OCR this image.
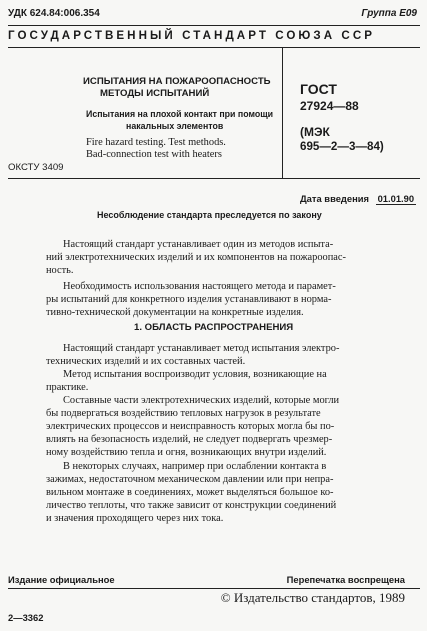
УДК 624.84:006.354	Группа Е09
ГОСУДАРСТВЕННЫЙ СТАНДАРТ СОЮЗА ССР
ИСПЫТАНИЯ НА ПОЖАРООПАСНОСТЬ
МЕТОДЫ ИСПЫТАНИЙ
Испытания на плохой контакт при помощи
накальных элементов
Fire hazard testing. Test methods.
Bad-connection test with heaters
ОКСТУ 3409
ГОСТ
27924—88
(МЭК
695—2—3—84)
Дата введения 01.01.90
Несоблюдение стандарта преследуется по закону
Настоящий стандарт устанавливает один из методов испыта-
ний электротехнических изделий и их компонентов на пожароопас-
ность.
Необходимость использования настоящего метода и парамет-
ры испытаний для конкретного изделия устанавливают в норма-
тивно-технической документации на конкретные изделия.
1. ОБЛАСТЬ РАСПРОСТРАНЕНИЯ
Настоящий стандарт устанавливает метод испытания электро-
технических изделий и их составных частей.
Метод испытания воспроизводит условия, возникающие на
практике.
Составные части электротехнических изделий, которые могли
бы подвергаться воздействию тепловых нагрузок в результате
электрических процессов и неисправность которых могла бы по-
влиять на безопасность изделий, не следует подвергать чрезмер-
ному воздействию тепла и огня, возникающих внутри изделий.
В некоторых случаях, например при ослаблении контакта в
зажимах, недостаточном механическом давлении или при непра-
вильном монтаже в соединениях, может выделяться большое ко-
личество теплоты, что также зависит от конструкции соединений
и значения проходящего через них тока.
Издание официальное	Перепечатка воспрещена
© Издательство стандартов, 1989
2—3362
